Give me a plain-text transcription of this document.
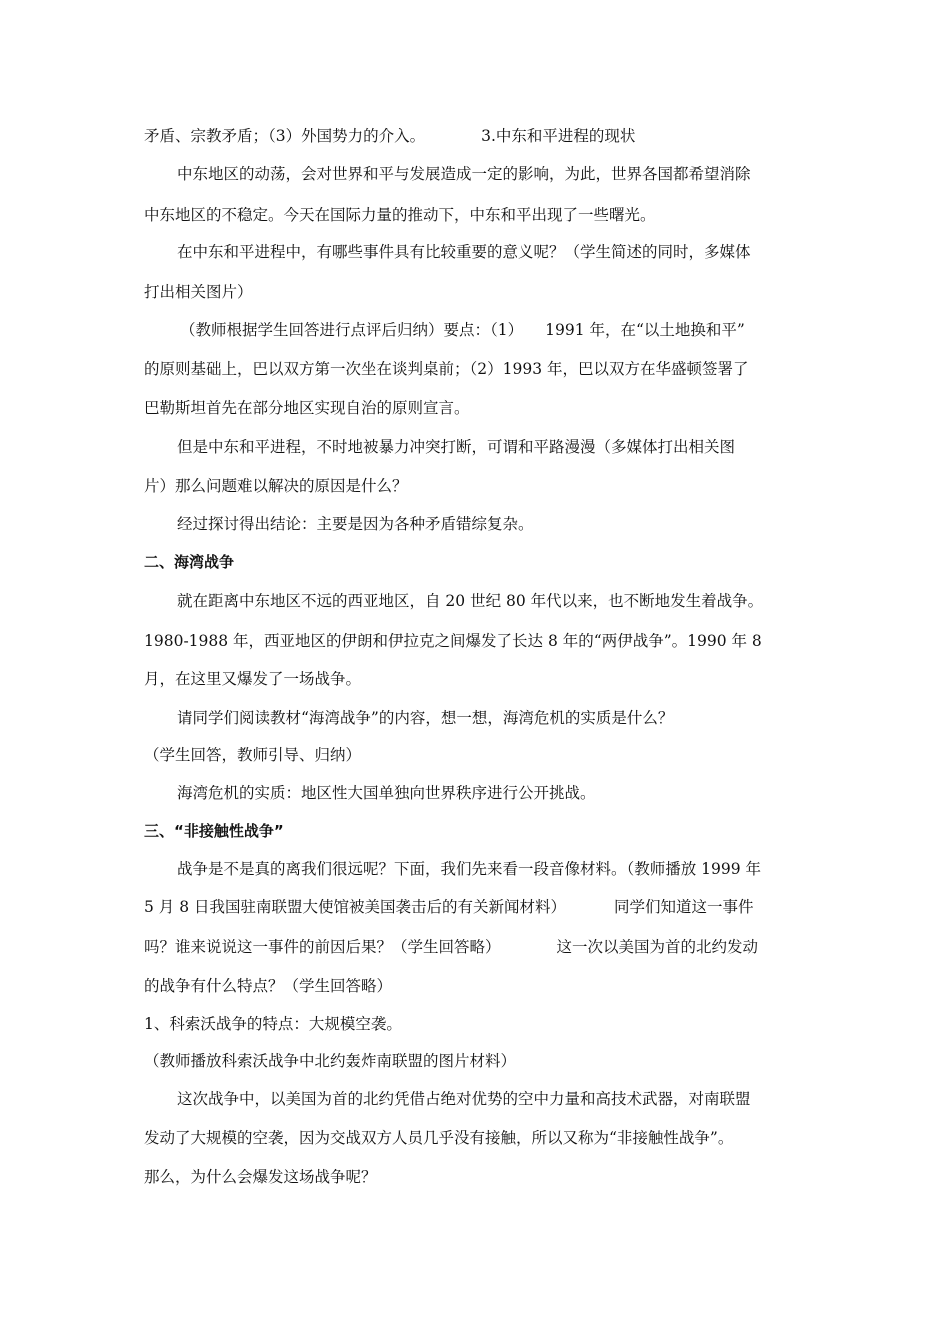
矛盾、宗教矛盾；（3）外国势力的介入。	3.中东和平进程的现状
中东地区的动荡，会对世界和平与发展造成一定的影响，为此，世界各国都希望消除
中东地区的不稳定。今天在国际力量的推动下，中东和平出现了一些曙光。
在中东和平进程中，有哪些事件具有比较重要的意义呢？（学生简述的同时，多媒体
打出相关图片）
（教师根据学生回答进行点评后归纳）要点：（1） 1991 年，在“以土地换和平”
的原则基础上，巴以双方第一次坐在谈判桌前；（2）1993 年，巴以双方在华盛顿签署了
巴勒斯坦首先在部分地区实现自治的原则宣言。
但是中东和平进程，不时地被暴力冲突打断，可谓和平路漫漫（多媒体打出相关图
片）那么问题难以解决的原因是什么？
经过探讨得出结论：主要是因为各种矛盾错综复杂。
二、海湾战争
就在距离中东地区不远的西亚地区，自 20 世纪 80 年代以来，也不断地发生着战争。
1980-1988 年，西亚地区的伊朗和伊拉克之间爆发了长达 8 年的“两伊战争”。1990 年 8
月，在这里又爆发了一场战争。
请同学们阅读教材“海湾战争”的内容，想一想，海湾危机的实质是什么？
（学生回答，教师引导、归纳）
海湾危机的实质：地区性大国单独向世界秩序进行公开挑战。
三、“非接触性战争”
战争是不是真的离我们很远呢？下面，我们先来看一段音像材料。（教师播放 1999 年
5 月 8 日我国驻南联盟大使馆被美国袭击后的有关新闻材料）	同学们知道这一事件
吗？谁来说说这一事件的前因后果？（学生回答略）	这一次以美国为首的北约发动
的战争有什么特点？（学生回答略）
1、科索沃战争的特点：大规模空袭。
（教师播放科索沃战争中北约轰炸南联盟的图片材料）
这次战争中，以美国为首的北约凭借占绝对优势的空中力量和高技术武器，对南联盟
发动了大规模的空袭，因为交战双方人员几乎没有接触，所以又称为“非接触性战争”。
那么，为什么会爆发这场战争呢？
